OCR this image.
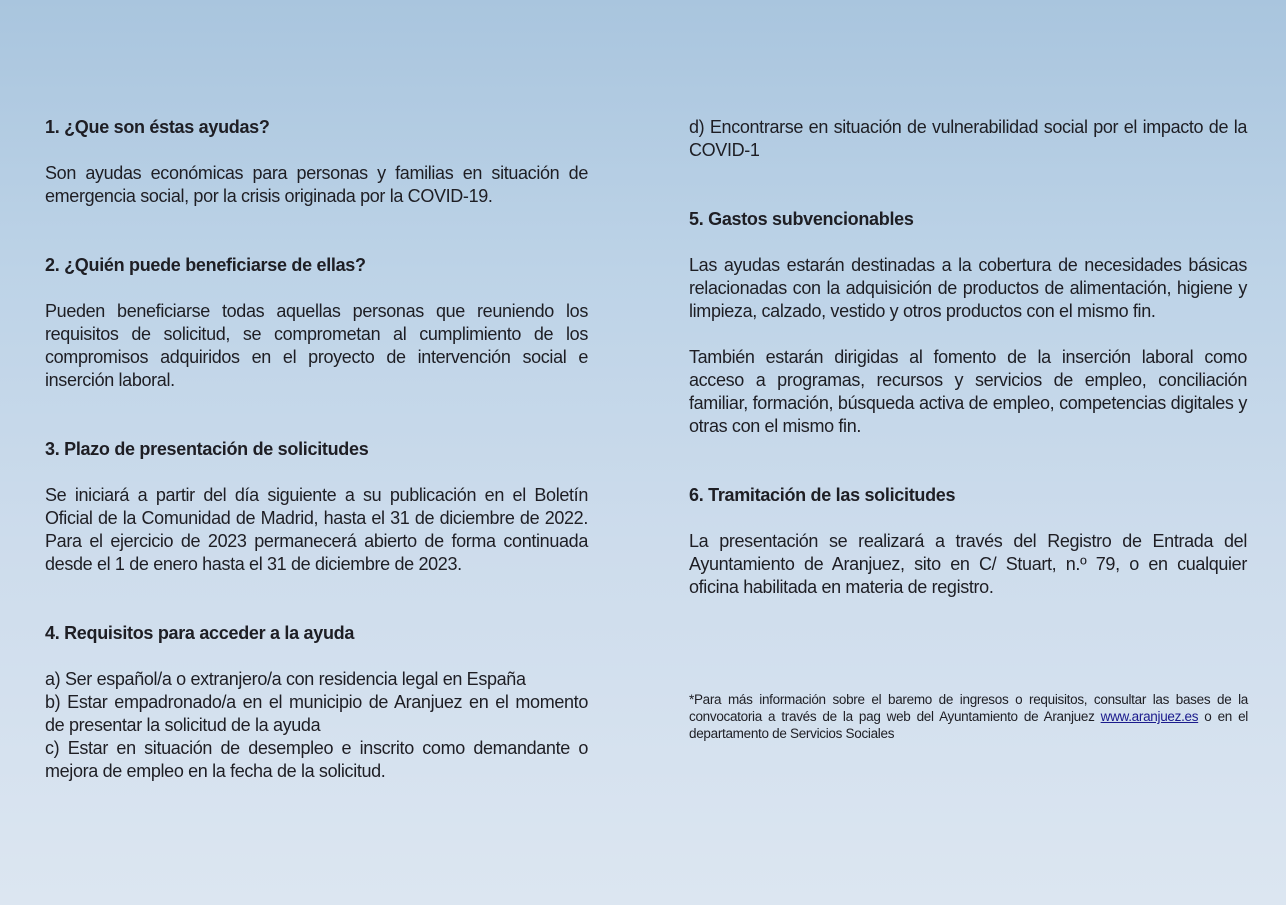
1. ¿Que son éstas ayudas?

Son ayudas económicas para personas y familias en situación de emergencia social, por la crisis originada por la COVID-19.

2. ¿Quién puede beneficiarse de ellas?

Pueden beneficiarse todas aquellas personas que reuniendo los requisitos de solicitud, se comprometan al cumplimiento de los compromisos adquiridos en el proyecto de intervención social e inserción laboral.

3. Plazo de presentación de solicitudes

Se iniciará a partir del día siguiente a su publicación en el Boletín Oficial de la Comunidad de Madrid, hasta el 31 de diciembre de 2022. Para el ejercicio de 2023 permanecerá abierto de forma continuada desde el 1 de enero hasta el 31 de diciembre de 2023.

4. Requisitos para acceder a la ayuda

a) Ser español/a o extranjero/a con residencia legal en España

b) Estar empadronado/a en el municipio de Aranjuez en el momento de presentar la solicitud de la ayuda

c) Estar en situación de desempleo e inscrito como demandante o mejora de empleo en la fecha de la solicitud.

d) Encontrarse en situación de vulnerabilidad social por el impacto de la COVID-1

5. Gastos subvencionables

Las ayudas estarán destinadas a la cobertura de necesidades básicas relacionadas con la adquisición de productos de alimentación, higiene y limpieza, calzado, vestido y otros productos con el mismo fin.

También estarán dirigidas al fomento de la inserción laboral como acceso a programas, recursos y servicios de empleo, conciliación familiar, formación, búsqueda activa de empleo, competencias digitales y otras con el mismo fin.

6. Tramitación de las solicitudes

La presentación se realizará a través del Registro de Entrada del Ayuntamiento de Aranjuez, sito en C/ Stuart, n.º 79, o en cualquier oficina habilitada en materia de registro.

*Para más información sobre el baremo de ingresos o requisitos, consultar las bases de la convocatoria a través de la pag web del Ayuntamiento de Aranjuez www.aranjuez.es o en el departamento de Servicios Sociales
